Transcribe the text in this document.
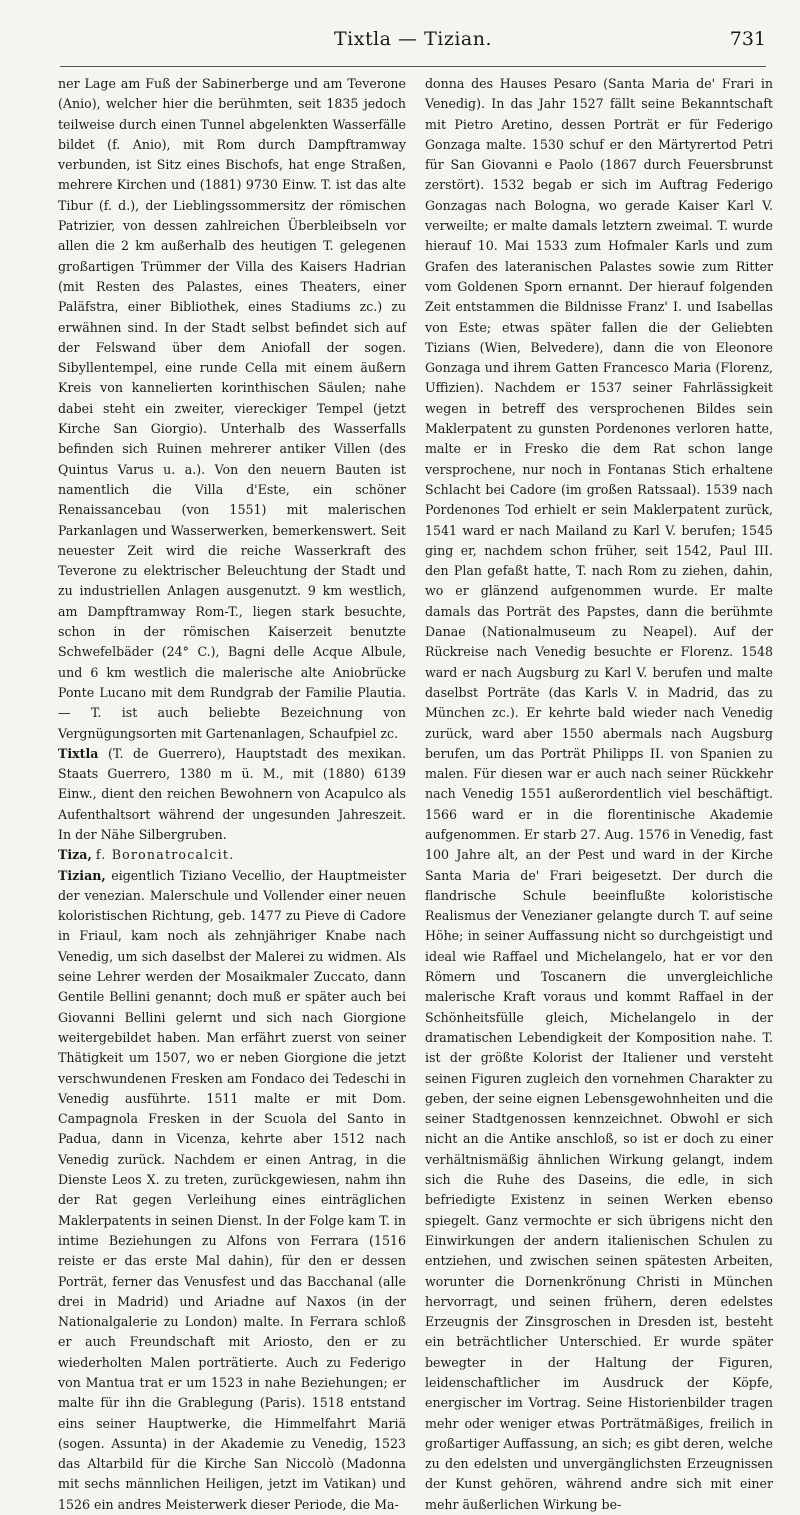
Tixtla — Tizian.	731

ner Lage am Fuß der Sabinerberge und am Teverone (Anio), welcher hier die berühmten, seit 1835 jedoch teilweise durch einen Tunnel abgelenkten Wasserfälle bildet (f. Anio), mit Rom durch Dampftramway verbunden, ist Sitz eines Bischofs, hat enge Straßen, mehrere Kirchen und (1881) 9730 Einw. T. ist das alte Tibur (f. d.), der Lieblingssommersitz der römischen Patrizier, von dessen zahlreichen Überbleibseln vor allen die 2 km außerhalb des heutigen T. gelegenen großartigen Trümmer der Villa des Kaisers Hadrian (mit Resten des Palastes, eines Theaters, einer Paläfstra, einer Bibliothek, eines Stadiums zc.) zu erwähnen sind. In der Stadt selbst befindet sich auf der Felswand über dem Aniofall der sogen. Sibyllentempel, eine runde Cella mit einem äußern Kreis von kannelierten korinthischen Säulen; nahe dabei steht ein zweiter, viereckiger Tempel (jetzt Kirche San Giorgio). Unterhalb des Wasserfalls befinden sich Ruinen mehrerer antiker Villen (des Quintus Varus u. a.). Von den neuern Bauten ist namentlich die Villa d'Este, ein schöner Renaissancebau (von 1551) mit malerischen Parkanlagen und Wasserwerken, bemerkenswert. Seit neuester Zeit wird die reiche Wasserkraft des Teverone zu elektrischer Beleuchtung der Stadt und zu industriellen Anlagen ausgenutzt. 9 km westlich, am Dampftramway Rom-T., liegen stark besuchte, schon in der römischen Kaiserzeit benutzte Schwefelbäder (24° C.), Bagni delle Acque Albule, und 6 km westlich die malerische alte Aniobrücke Ponte Lucano mit dem Rundgrab der Familie Plautia. — T. ist auch beliebte Bezeichnung von Vergnügungsorten mit Gartenanlagen, Schaufpiel zc.

Tixtla (T. de Guerrero), Hauptstadt des mexikan. Staats Guerrero, 1380 m ü. M., mit (1880) 6139 Einw., dient den reichen Bewohnern von Acapulco als Aufenthaltsort während der ungesunden Jahreszeit. In der Nähe Silbergruben.

Tiza, f. Boronatrocalcit.

Tizian, eigentlich Tiziano Vecellio, der Hauptmeister der venezian. Malerschule und Vollender einer neuen koloristischen Richtung, geb. 1477 zu Pieve di Cadore in Friaul, kam noch als zehnjähriger Knabe nach Venedig, um sich daselbst der Malerei zu widmen. Als seine Lehrer werden der Mosaikmaler Zuccato, dann Gentile Bellini genannt; doch muß er später auch bei Giovanni Bellini gelernt und sich nach Giorgione weitergebildet haben. Man erfährt zuerst von seiner Thätigkeit um 1507, wo er neben Giorgione die jetzt verschwundenen Fresken am Fondaco dei Tedeschi in Venedig ausführte. 1511 malte er mit Dom. Campagnola Fresken in der Scuola del Santo in Padua, dann in Vicenza, kehrte aber 1512 nach Venedig zurück. Nachdem er einen Antrag, in die Dienste Leos X. zu treten, zurückgewiesen, nahm ihn der Rat gegen Verleihung eines einträglichen Maklerpatents in seinen Dienst. In der Folge kam T. in intime Beziehungen zu Alfons von Ferrara (1516 reiste er das erste Mal dahin), für den er dessen Porträt, ferner das Venusfest und das Bacchanal (alle drei in Madrid) und Ariadne auf Naxos (in der Nationalgalerie zu London) malte. In Ferrara schloß er auch Freundschaft mit Ariosto, den er zu wiederholten Malen porträtierte. Auch zu Federigo von Mantua trat er um 1523 in nahe Beziehungen; er malte für ihn die Grablegung (Paris). 1518 entstand eins seiner Hauptwerke, die Himmelfahrt Mariä (sogen. Assunta) in der Akademie zu Venedig, 1523 das Altarbild für die Kirche San Niccolò (Madonna mit sechs männlichen Heiligen, jetzt im Vatikan) und 1526 ein andres Meisterwerk dieser Periode, die Ma-

donna des Hauses Pesaro (Santa Maria de' Frari in Venedig). In das Jahr 1527 fällt seine Bekanntschaft mit Pietro Aretino, dessen Porträt er für Federigo Gonzaga malte. 1530 schuf er den Märtyrertod Petri für San Giovanni e Paolo (1867 durch Feuersbrunst zerstört). 1532 begab er sich im Auftrag Federigo Gonzagas nach Bologna, wo gerade Kaiser Karl V. verweilte; er malte damals letztern zweimal. T. wurde hierauf 10. Mai 1533 zum Hofmaler Karls und zum Grafen des lateranischen Palastes sowie zum Ritter vom Goldenen Sporn ernannt. Der hierauf folgenden Zeit entstammen die Bildnisse Franz' I. und Isabellas von Este; etwas später fallen die der Geliebten Tizians (Wien, Belvedere), dann die von Eleonore Gonzaga und ihrem Gatten Francesco Maria (Florenz, Uffizien). Nachdem er 1537 seiner Fahrlässigkeit wegen in betreff des versprochenen Bildes sein Maklerpatent zu gunsten Pordenones verloren hatte, malte er in Fresko die dem Rat schon lange versprochene, nur noch in Fontanas Stich erhaltene Schlacht bei Cadore (im großen Ratssaal). 1539 nach Pordenones Tod erhielt er sein Maklerpatent zurück, 1541 ward er nach Mailand zu Karl V. berufen; 1545 ging er, nachdem schon früher, seit 1542, Paul III. den Plan gefaßt hatte, T. nach Rom zu ziehen, dahin, wo er glänzend aufgenommen wurde. Er malte damals das Porträt des Papstes, dann die berühmte Danae (Nationalmuseum zu Neapel). Auf der Rückreise nach Venedig besuchte er Florenz. 1548 ward er nach Augsburg zu Karl V. berufen und malte daselbst Porträte (das Karls V. in Madrid, das zu München zc.). Er kehrte bald wieder nach Venedig zurück, ward aber 1550 abermals nach Augsburg berufen, um das Porträt Philipps II. von Spanien zu malen. Für diesen war er auch nach seiner Rückkehr nach Venedig 1551 außerordentlich viel beschäftigt. 1566 ward er in die florentinische Akademie aufgenommen. Er starb 27. Aug. 1576 in Venedig, fast 100 Jahre alt, an der Pest und ward in der Kirche Santa Maria de' Frari beigesetzt. Der durch die flandrische Schule beeinflußte koloristische Realismus der Venezianer gelangte durch T. auf seine Höhe; in seiner Auffassung nicht so durchgeistigt und ideal wie Raffael und Michelangelo, hat er vor den Römern und Toscanern die unvergleichliche malerische Kraft voraus und kommt Raffael in der Schönheitsfülle gleich, Michelangelo in der dramatischen Lebendigkeit der Komposition nahe. T. ist der größte Kolorist der Italiener und versteht seinen Figuren zugleich den vornehmen Charakter zu geben, der seine eignen Lebensgewohnheiten und die seiner Stadtgenossen kennzeichnet. Obwohl er sich nicht an die Antike anschloß, so ist er doch zu einer verhältnismäßig ähnlichen Wirkung gelangt, indem sich die Ruhe des Daseins, die edle, in sich befriedigte Existenz in seinen Werken ebenso spiegelt. Ganz vermochte er sich übrigens nicht den Einwirkungen der andern italienischen Schulen zu entziehen, und zwischen seinen spätesten Arbeiten, worunter die Dornenkrönung Christi in München hervorragt, und seinen frühern, deren edelstes Erzeugnis der Zinsgroschen in Dresden ist, besteht ein beträchtlicher Unterschied. Er wurde später bewegter in der Haltung der Figuren, leidenschaftlicher im Ausdruck der Köpfe, energischer im Vortrag. Seine Historienbilder tragen mehr oder weniger etwas Porträtmäßiges, freilich in großartiger Auffassung, an sich; es gibt deren, welche zu den edelsten und unvergänglichsten Erzeugnissen der Kunst gehören, während andre sich mit einer mehr äußerlichen Wirkung be-
